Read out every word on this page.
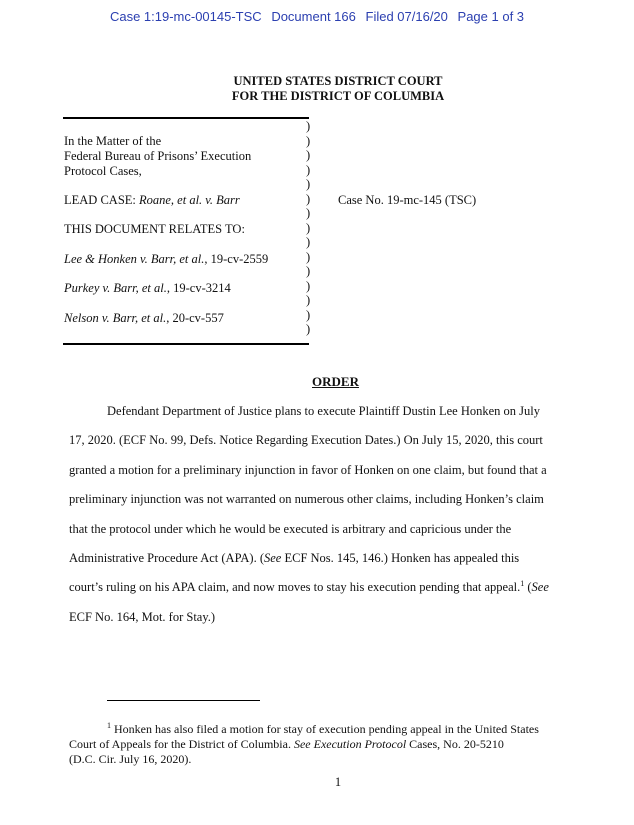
Case 1:19-mc-00145-TSC Document 166 Filed 07/16/20 Page 1 of 3
UNITED STATES DISTRICT COURT
FOR THE DISTRICT OF COLUMBIA
)
)
)
)
)
)
)
)
)
)
)
)
)
)
)
In the Matter of the
Federal Bureau of Prisons’ Execution
Protocol Cases,
LEAD CASE: Roane, et al. v. Barr
THIS DOCUMENT RELATES TO:
Lee & Honken v. Barr, et al., 19-cv-2559
Purkey v. Barr, et al., 19-cv-3214
Nelson v. Barr, et al., 20-cv-557
Case No. 19-mc-145 (TSC)
ORDER
Defendant Department of Justice plans to execute Plaintiff Dustin Lee Honken on July
17, 2020. (ECF No. 99, Defs. Notice Regarding Execution Dates.) On July 15, 2020, this court
granted a motion for a preliminary injunction in favor of Honken on one claim, but found that a
preliminary injunction was not warranted on numerous other claims, including Honken’s claim
that the protocol under which he would be executed is arbitrary and capricious under the
Administrative Procedure Act (APA). (See ECF Nos. 145, 146.) Honken has appealed this
court’s ruling on his APA claim, and now moves to stay his execution pending that appeal.$^1$ (See
ECF No. 164, Mot. for Stay.)
$^1$ Honken has also filed a motion for stay of execution pending appeal in the United States
Court of Appeals for the District of Columbia. See Execution Protocol Cases, No. 20-5210
(D.C. Cir. July 16, 2020).
1
